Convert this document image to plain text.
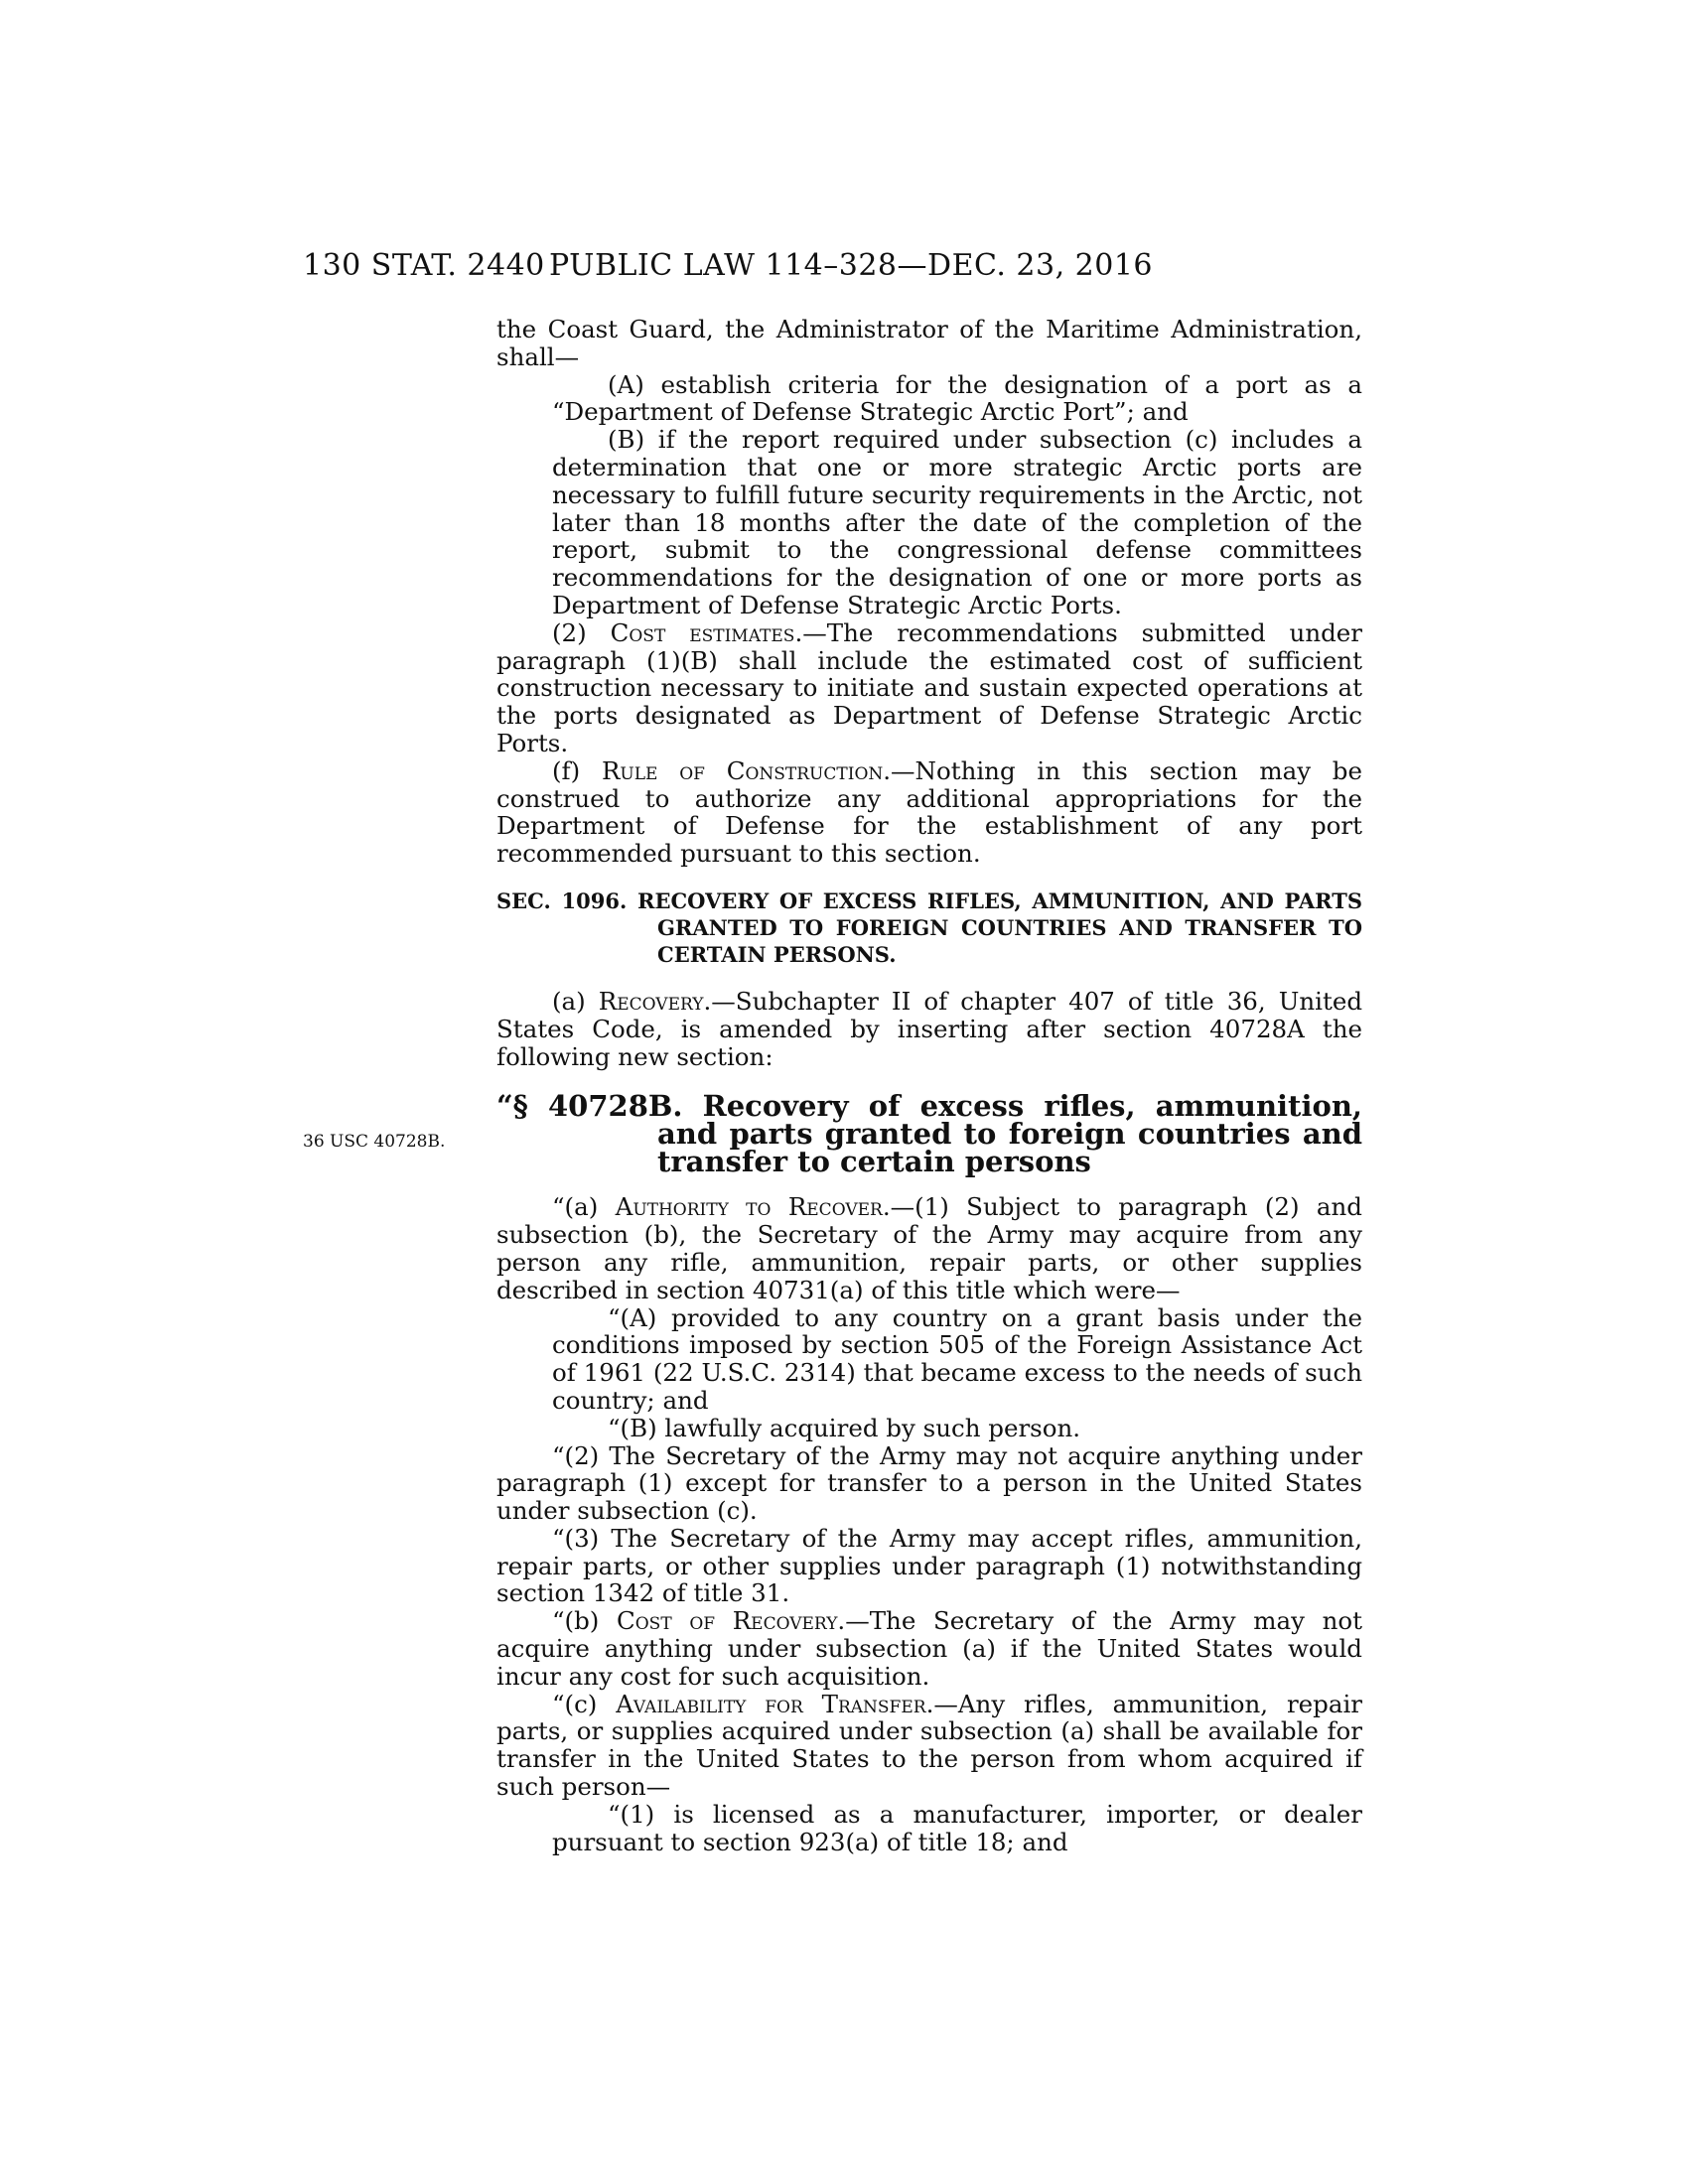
130 STAT. 2440 PUBLIC LAW 114–328—DEC. 23, 2016
36 USC 40728B.

the Coast Guard, the Administrator of the Maritime Administration, shall—

(A) establish criteria for the designation of a port as a “Department of Defense Strategic Arctic Port”; and

(B) if the report required under subsection (c) includes a determination that one or more strategic Arctic ports are necessary to fulfill future security requirements in the Arctic, not later than 18 months after the date of the completion of the report, submit to the congressional defense committees recommendations for the designation of one or more ports as Department of Defense Strategic Arctic Ports.

(2) Cost estimates.—The recommendations submitted under paragraph (1)(B) shall include the estimated cost of sufficient construction necessary to initiate and sustain expected operations at the ports designated as Department of Defense Strategic Arctic Ports.

(f) Rule of Construction.—Nothing in this section may be construed to authorize any additional appropriations for the Department of Defense for the establishment of any port recommended pursuant to this section.

SEC. 1096. RECOVERY OF EXCESS RIFLES, AMMUNITION, AND PARTS GRANTED TO FOREIGN COUNTRIES AND TRANSFER TO CERTAIN PERSONS.

(a) Recovery.—Subchapter II of chapter 407 of title 36, United States Code, is amended by inserting after section 40728A the following new section:

“§ 40728B. Recovery of excess rifles, ammunition, and parts granted to foreign countries and transfer to certain persons

“(a) Authority to Recover.—(1) Subject to paragraph (2) and subsection (b), the Secretary of the Army may acquire from any person any rifle, ammunition, repair parts, or other supplies described in section 40731(a) of this title which were—

“(A) provided to any country on a grant basis under the conditions imposed by section 505 of the Foreign Assistance Act of 1961 (22 U.S.C. 2314) that became excess to the needs of such country; and

“(B) lawfully acquired by such person.

“(2) The Secretary of the Army may not acquire anything under paragraph (1) except for transfer to a person in the United States under subsection (c).

“(3) The Secretary of the Army may accept rifles, ammunition, repair parts, or other supplies under paragraph (1) notwithstanding section 1342 of title 31.

“(b) Cost of Recovery.—The Secretary of the Army may not acquire anything under subsection (a) if the United States would incur any cost for such acquisition.

“(c) Availability for Transfer.—Any rifles, ammunition, repair parts, or supplies acquired under subsection (a) shall be available for transfer in the United States to the person from whom acquired if such person—

“(1) is licensed as a manufacturer, importer, or dealer pursuant to section 923(a) of title 18; and
